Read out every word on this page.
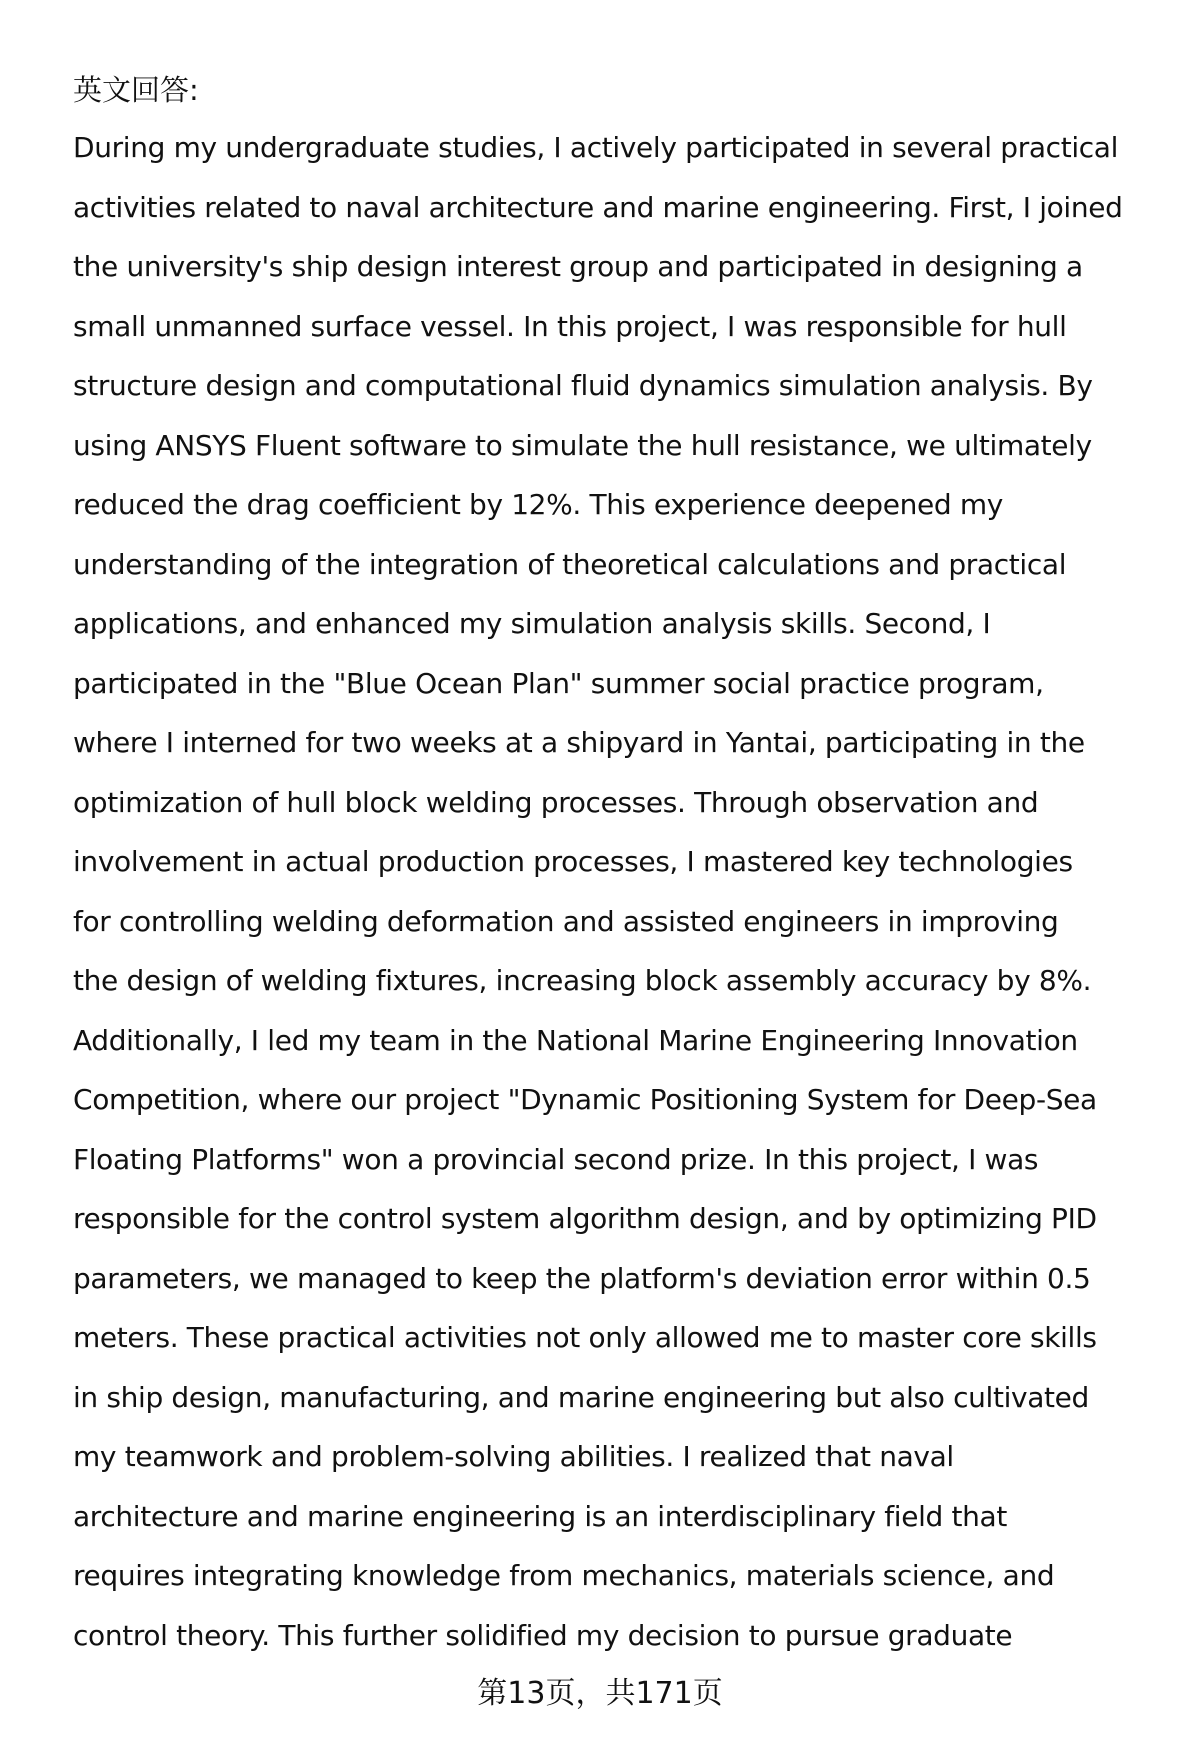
英文回答:
During my undergraduate studies, I actively participated in several practical
activities related to naval architecture and marine engineering. First, I joined
the university's ship design interest group and participated in designing a
small unmanned surface vessel. In this project, I was responsible for hull
structure design and computational fluid dynamics simulation analysis. By
using ANSYS Fluent software to simulate the hull resistance, we ultimately
reduced the drag coefficient by 12%. This experience deepened my
understanding of the integration of theoretical calculations and practical
applications, and enhanced my simulation analysis skills. Second, I
participated in the "Blue Ocean Plan" summer social practice program,
where I interned for two weeks at a shipyard in Yantai, participating in the
optimization of hull block welding processes. Through observation and
involvement in actual production processes, I mastered key technologies
for controlling welding deformation and assisted engineers in improving
the design of welding fixtures, increasing block assembly accuracy by 8%.
Additionally, I led my team in the National Marine Engineering Innovation
Competition, where our project "Dynamic Positioning System for Deep-Sea
Floating Platforms" won a provincial second prize. In this project, I was
responsible for the control system algorithm design, and by optimizing PID
parameters, we managed to keep the platform's deviation error within 0.5
meters. These practical activities not only allowed me to master core skills
in ship design, manufacturing, and marine engineering but also cultivated
my teamwork and problem-solving abilities. I realized that naval
architecture and marine engineering is an interdisciplinary field that
requires integrating knowledge from mechanics, materials science, and
control theory. This further solidified my decision to pursue graduate
第13页，共171页
